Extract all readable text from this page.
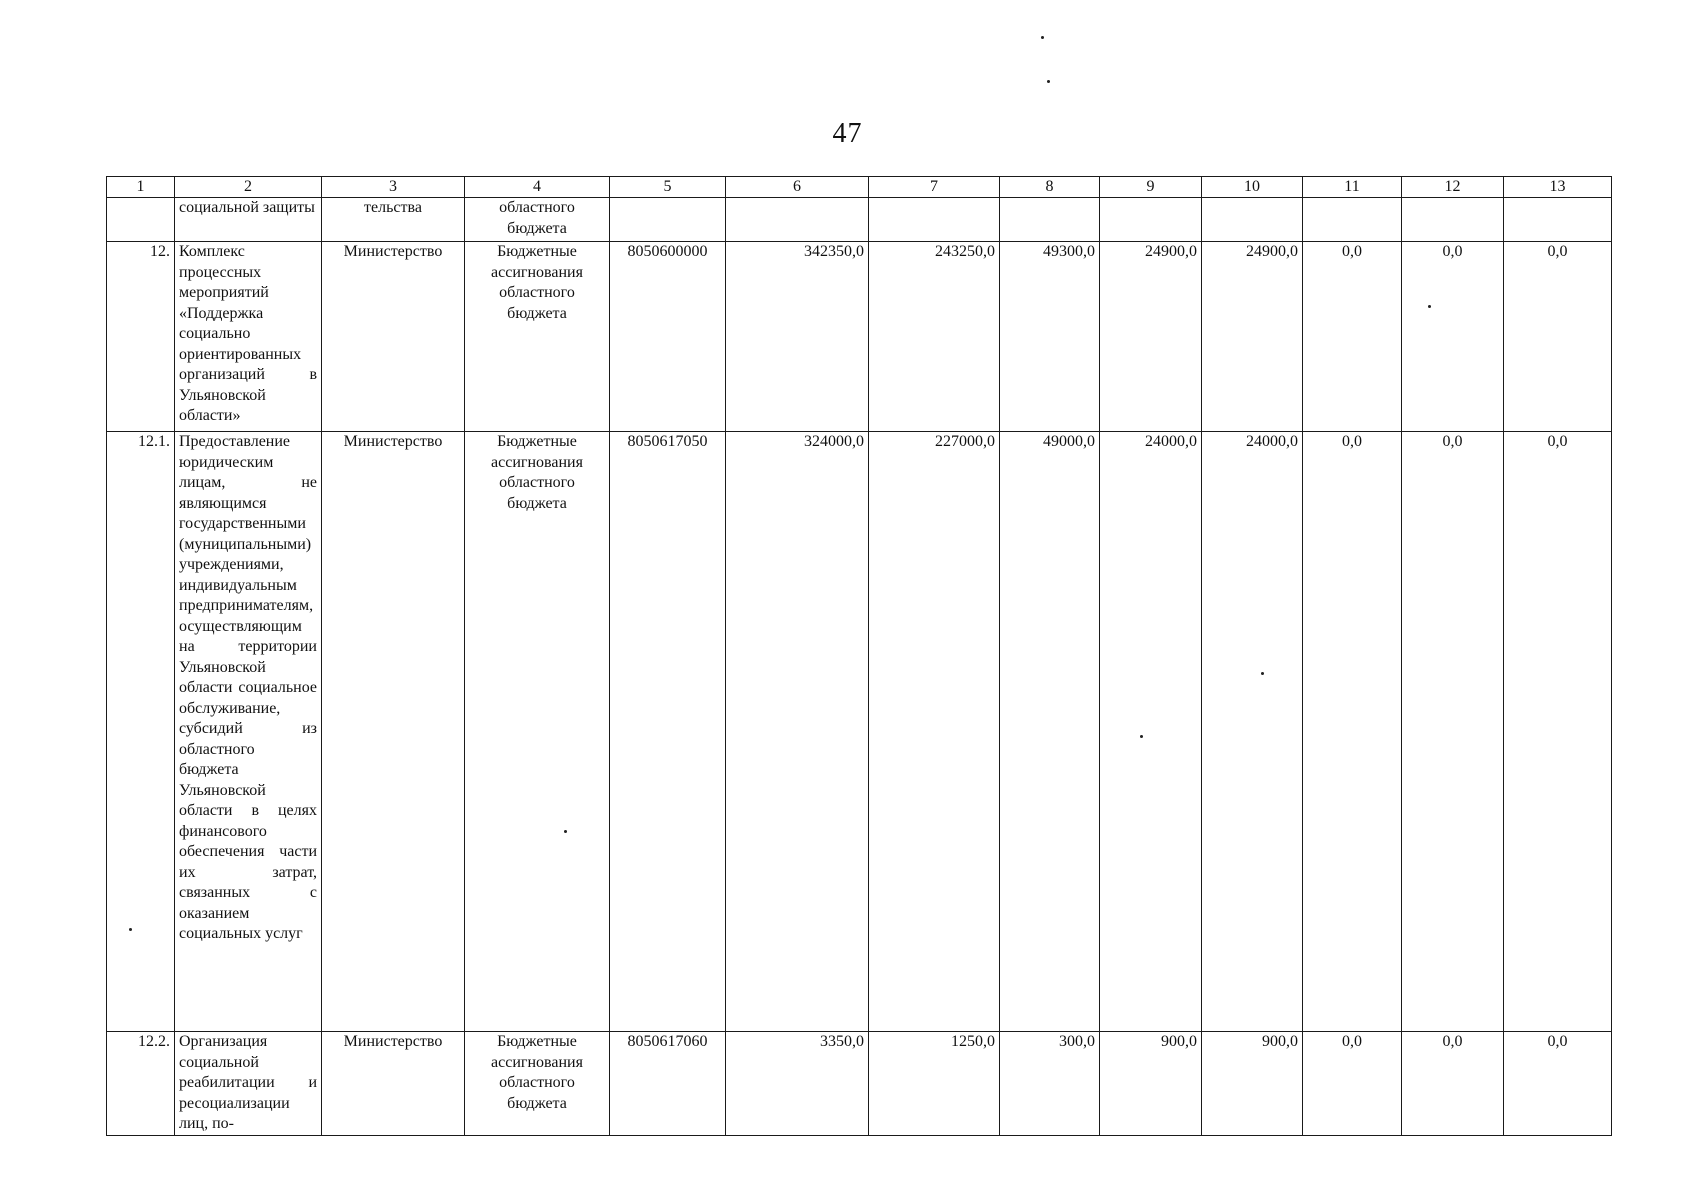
47
1	2	3	4	5	6	7	8	9	10	11	12	13
	социальной защиты	тельства	областного бюджета									
12.	Комплекс процессных мероприятий «Поддержка социально ориентированных организаций в Ульяновской области»	Министерство	Бюджетные ассигнования областного бюджета	8050600000	342350,0	243250,0	49300,0	24900,0	24900,0	0,0	0,0	0,0
12.1.	Предоставление юридическим лицам, не являющимся государственными (муниципальными) учреждениями, индивидуальным предпринимателям, осуществляющим на территории Ульяновской области социальное обслуживание, субсидий из областного бюджета Ульяновской области в целях финансового обеспечения части их затрат, связанных с оказанием социальных услуг	Министерство	Бюджетные ассигнования областного бюджета	8050617050	324000,0	227000,0	49000,0	24000,0	24000,0	0,0	0,0	0,0
12.2.	Организация социальной реабилитации и ресоциализации лиц, по-	Министерство	Бюджетные ассигнования областного бюджета	8050617060	3350,0	1250,0	300,0	900,0	900,0	0,0	0,0	0,0
